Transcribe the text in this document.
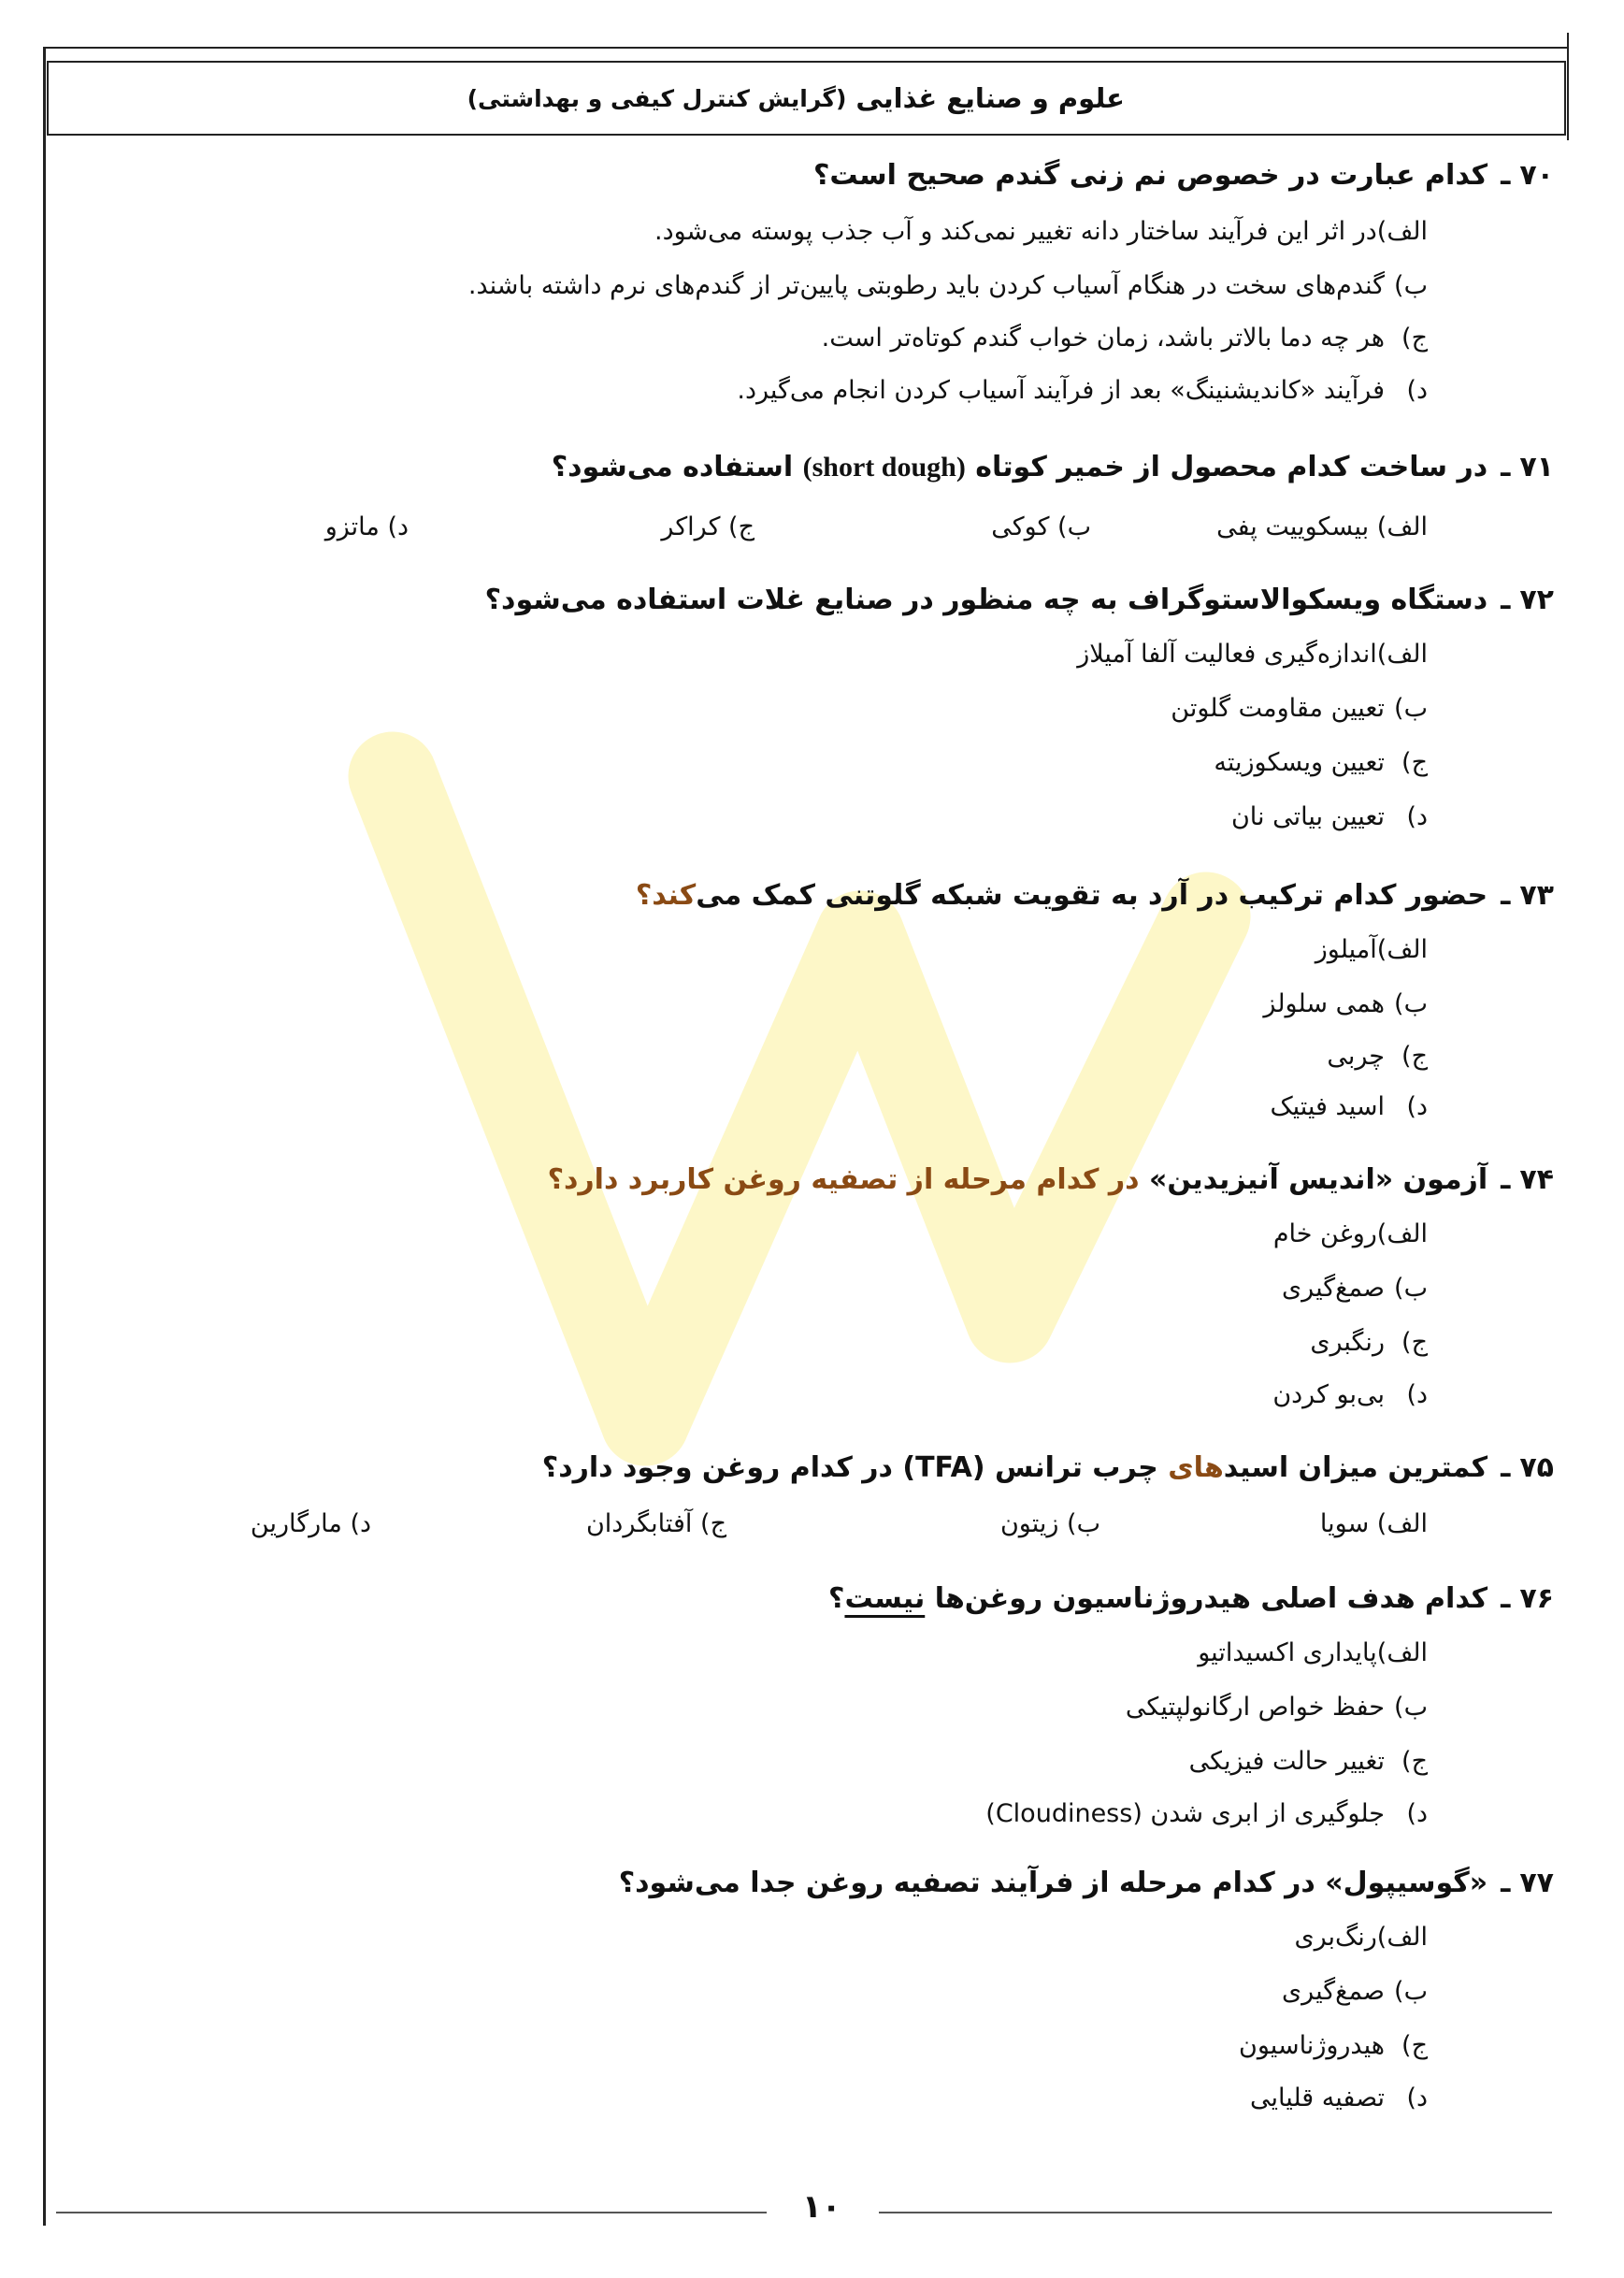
علوم و صنایع غذایی
(گرایش کنترل کیفی و بهداشتی)
۷۰ـکدام عبارت در خصوص نم زنی گندم صحیح است؟
الف)در اثر این فرآیند ساختار دانه تغییر نمی‌کند و آب جذب پوسته می‌شود.
ب)گندم‌های سخت در هنگام آسیاب کردن باید رطوبتی پایین‌تر از گندم‌های نرم داشته باشند.
ج)هر چه دما بالاتر باشد، زمان خواب گندم کوتاه‌تر است.
د)فرآیند «کاندیشنینگ» بعد از فرآیند آسیاب کردن انجام می‌گیرد.
۷۱ـدر ساخت کدام محصول از خمیر کوتاه (short dough) استفاده می‌شود؟
الف) بیسکوییت پفی
ب) کوکی
ج) کراکر
د) ماتزو
۷۲ـدستگاه ویسکوالاستوگراف به چه منظور در صنایع غلات استفاده می‌شود؟
الف)اندازه‌گیری فعالیت آلفا آمیلاز
ب)تعیین مقاومت گلوتن
ج)تعیین ویسکوزیته
د)تعیین بیاتی نان
۷۳ـحضور کدام ترکیب در آرد به تقویت شبکه گلوتنی کمک میکند؟
الف)آمیلوز
ب)همی سلولز
ج)چربی
د)اسید فیتیک
۷۴ـآزمون «اندیس آنیزیدین» در کدام مرحله از تصفیه روغن کاربرد دارد؟
الف)روغن خام
ب)صمغ‌گیری
ج)رنگبری
د)بی‌بو کردن
۷۵ـکمترین میزان اسیدهای چرب ترانس (TFA) در کدام روغن وجود دارد؟
الف) سویا
ب) زیتون
ج) آفتابگردان
د) مارگارین
۷۶ـکدام هدف اصلی هیدروژناسیون روغن‌ها نیست؟
الف)پایداری اکسیداتیو
ب)حفظ خواص ارگانولپتیکی
ج)تغییر حالت فیزیکی
د)جلوگیری از ابری شدن (Cloudiness)
۷۷ـ«گوسیپول» در کدام مرحله از فرآیند تصفیه روغن جدا می‌شود؟
الف)رنگ‌بری
ب)صمغ‌گیری
ج)هیدروژناسیون
د)تصفیه قلیایی
۱۰
